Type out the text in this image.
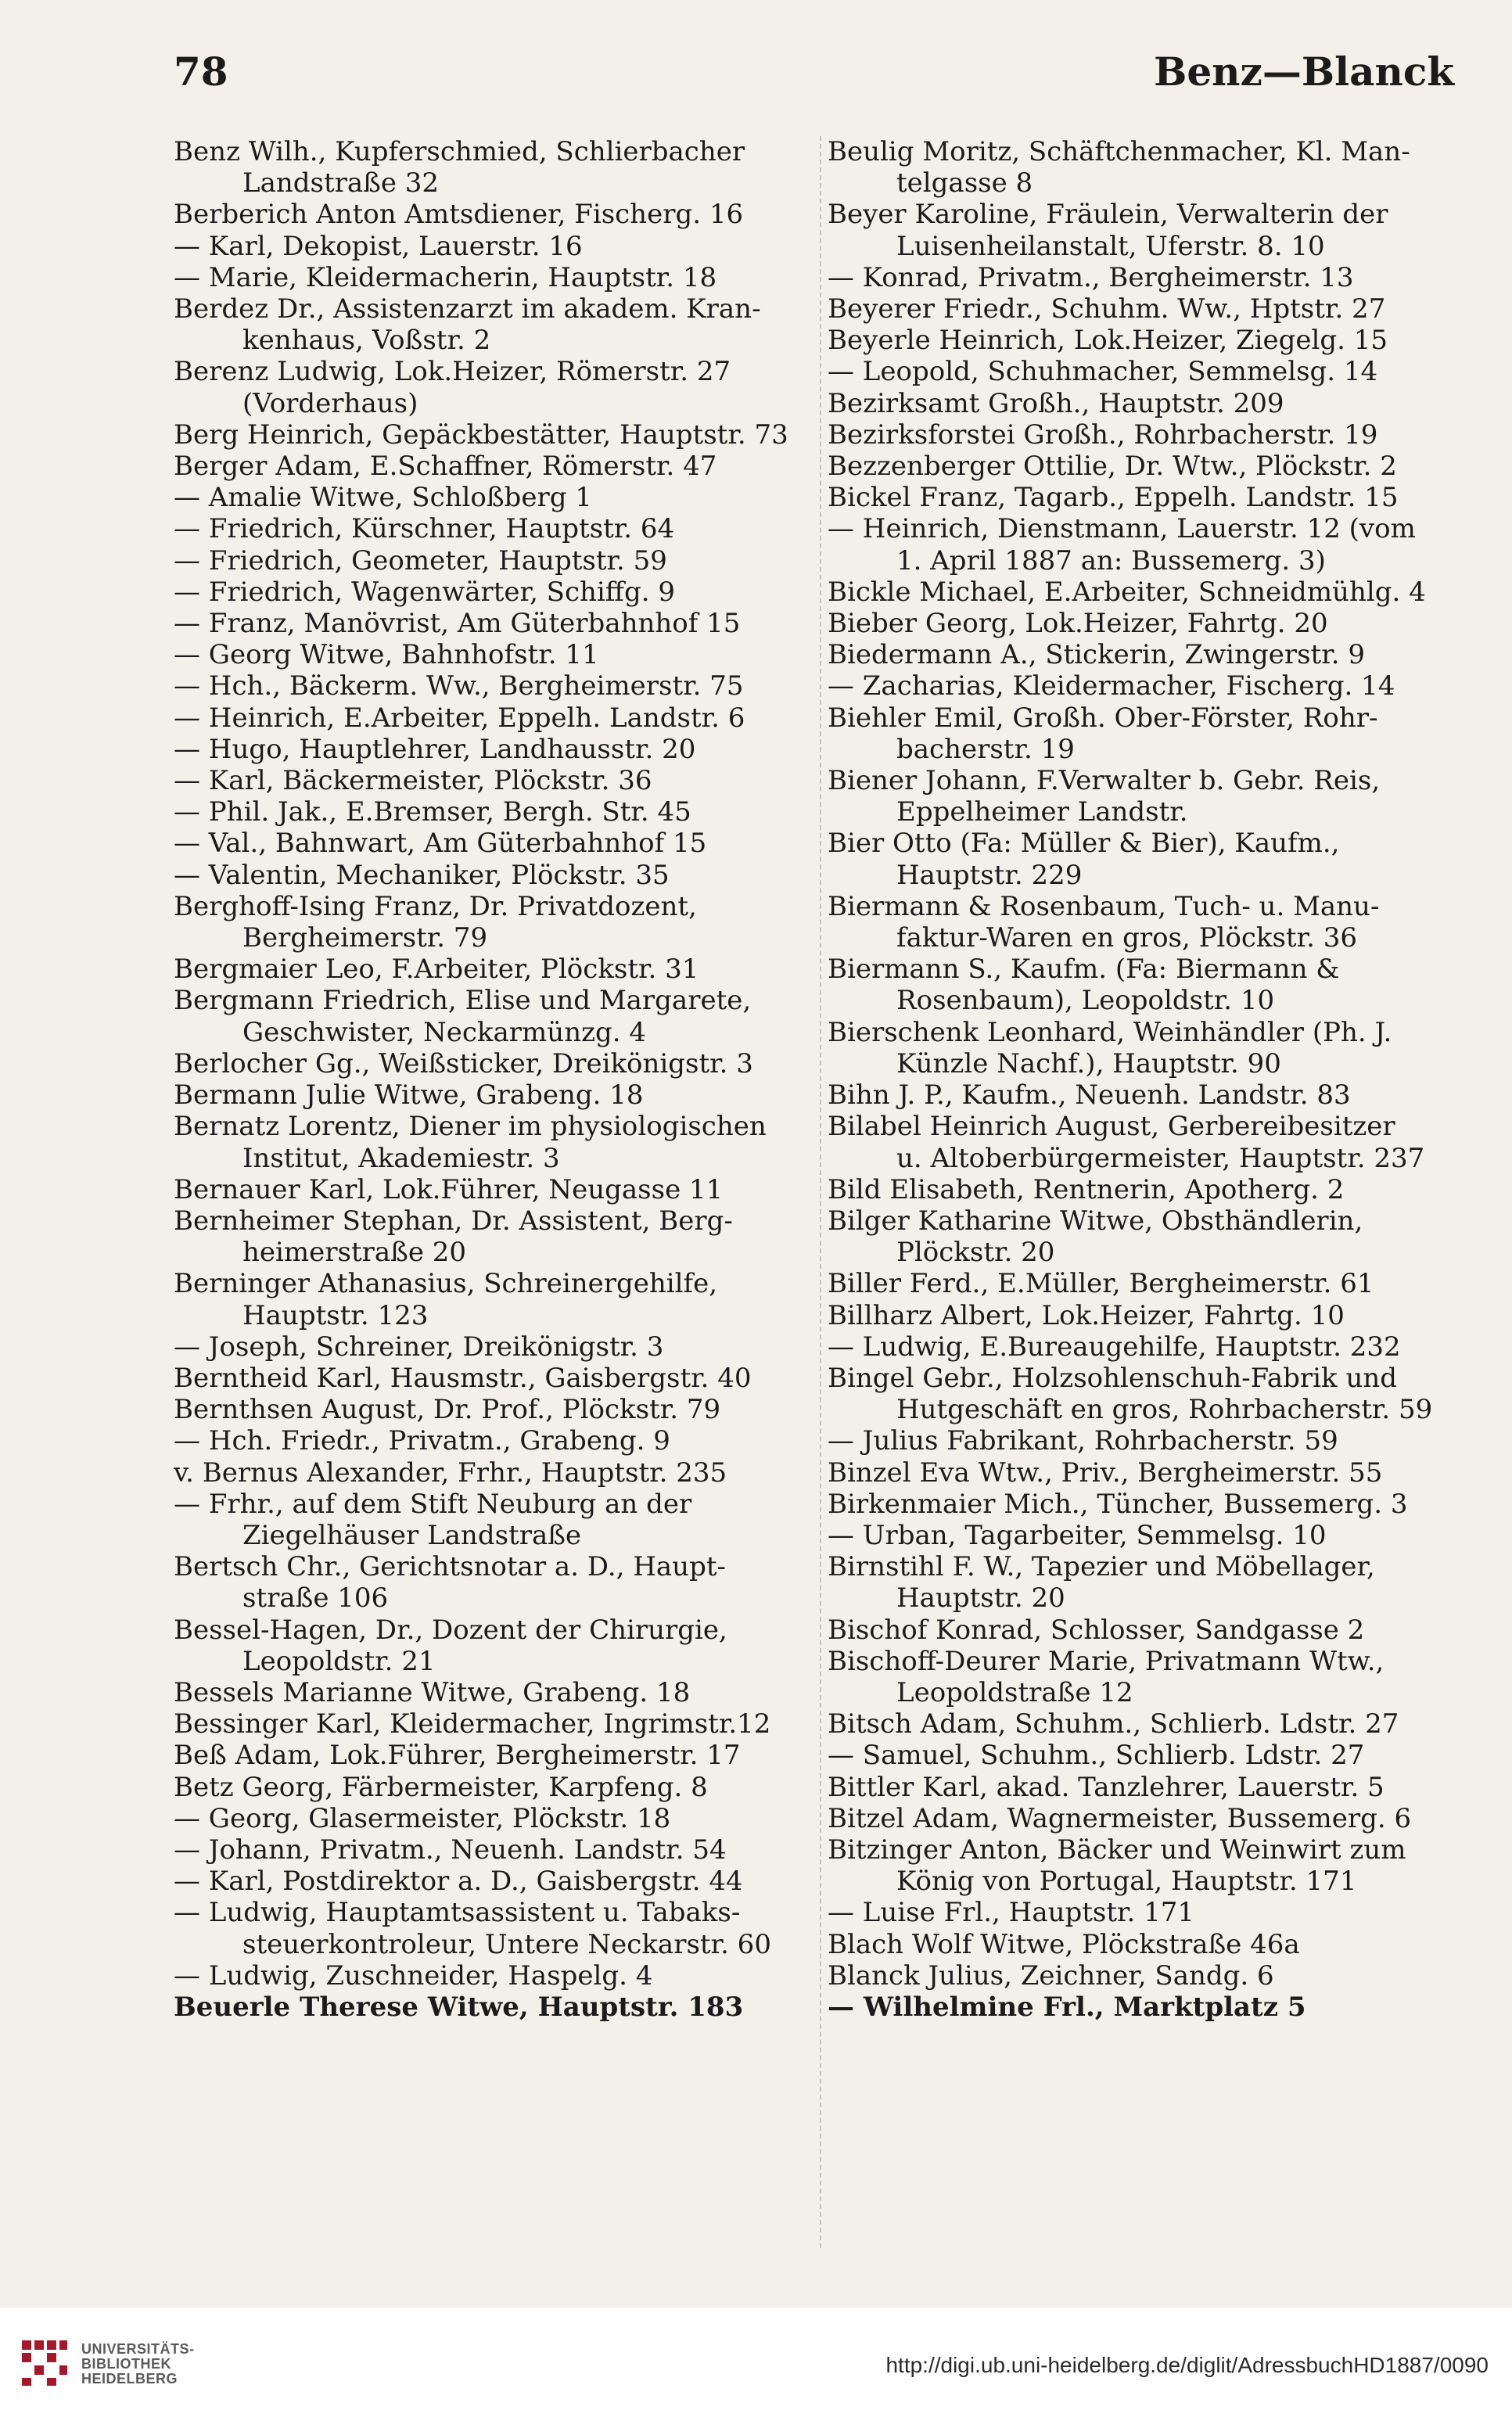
78	Benz—Blanck
Benz Wilh., Kupferschmied, Schlierbacher
Landstraße 32
Berberich Anton Amtsdiener, Fischerg. 16
— Karl, Dekopist, Lauerstr. 16
— Marie, Kleidermacherin, Hauptstr. 18
Berdez Dr., Assistenzarzt im akadem. Kran-
kenhaus, Voßstr. 2
Berenz Ludwig, Lok.Heizer, Römerstr. 27
(Vorderhaus)
Berg Heinrich, Gepäckbestätter, Hauptstr. 73
Berger Adam, E.Schaffner, Römerstr. 47
— Amalie Witwe, Schloßberg 1
— Friedrich, Kürschner, Hauptstr. 64
— Friedrich, Geometer, Hauptstr. 59
— Friedrich, Wagenwärter, Schiffg. 9
— Franz, Manövrist, Am Güterbahnhof 15
— Georg Witwe, Bahnhofstr. 11
— Hch., Bäckerm. Ww., Bergheimerstr. 75
— Heinrich, E.Arbeiter, Eppelh. Landstr. 6
— Hugo, Hauptlehrer, Landhausstr. 20
— Karl, Bäckermeister, Plöckstr. 36
— Phil. Jak., E.Bremser, Bergh. Str. 45
— Val., Bahnwart, Am Güterbahnhof 15
— Valentin, Mechaniker, Plöckstr. 35
Berghoff-Ising Franz, Dr. Privatdozent,
Bergheimerstr. 79
Bergmaier Leo, F.Arbeiter, Plöckstr. 31
Bergmann Friedrich, Elise und Margarete,
Geschwister, Neckarmünzg. 4
Berlocher Gg., Weißsticker, Dreikönigstr. 3
Bermann Julie Witwe, Grabeng. 18
Bernatz Lorentz, Diener im physiologischen
Institut, Akademiestr. 3
Bernauer Karl, Lok.Führer, Neugasse 11
Bernheimer Stephan, Dr. Assistent, Berg-
heimerstraße 20
Berninger Athanasius, Schreinergehilfe,
Hauptstr. 123
— Joseph, Schreiner, Dreikönigstr. 3
Berntheid Karl, Hausmstr., Gaisbergstr. 40
Bernthsen August, Dr. Prof., Plöckstr. 79
— Hch. Friedr., Privatm., Grabeng. 9
v. Bernus Alexander, Frhr., Hauptstr. 235
— Frhr., auf dem Stift Neuburg an der
Ziegelhäuser Landstraße
Bertsch Chr., Gerichtsnotar a. D., Haupt-
straße 106
Bessel-Hagen, Dr., Dozent der Chirurgie,
Leopoldstr. 21
Bessels Marianne Witwe, Grabeng. 18
Bessinger Karl, Kleidermacher, Ingrimstr.12
Beß Adam, Lok.Führer, Bergheimerstr. 17
Betz Georg, Färbermeister, Karpfeng. 8
— Georg, Glasermeister, Plöckstr. 18
— Johann, Privatm., Neuenh. Landstr. 54
— Karl, Postdirektor a. D., Gaisbergstr. 44
— Ludwig, Hauptamtsassistent u. Tabaks-
steuerkontroleur, Untere Neckarstr. 60
— Ludwig, Zuschneider, Haspelg. 4
Beuerle Therese Witwe, Hauptstr. 183
Beulig Moritz, Schäftchenmacher, Kl. Man-
telgasse 8
Beyer Karoline, Fräulein, Verwalterin der
Luisenheilanstalt, Uferstr. 8. 10
— Konrad, Privatm., Bergheimerstr. 13
Beyerer Friedr., Schuhm. Ww., Hptstr. 27
Beyerle Heinrich, Lok.Heizer, Ziegelg. 15
— Leopold, Schuhmacher, Semmelsg. 14
Bezirksamt Großh., Hauptstr. 209
Bezirksforstei Großh., Rohrbacherstr. 19
Bezzenberger Ottilie, Dr. Wtw., Plöckstr. 2
Bickel Franz, Tagarb., Eppelh. Landstr. 15
— Heinrich, Dienstmann, Lauerstr. 12 (vom
1. April 1887 an: Bussemerg. 3)
Bickle Michael, E.Arbeiter, Schneidmühlg. 4
Bieber Georg, Lok.Heizer, Fahrtg. 20
Biedermann A., Stickerin, Zwingerstr. 9
— Zacharias, Kleidermacher, Fischerg. 14
Biehler Emil, Großh. Ober-Förster, Rohr-
bacherstr. 19
Biener Johann, F.Verwalter b. Gebr. Reis,
Eppelheimer Landstr.
Bier Otto (Fa: Müller & Bier), Kaufm.,
Hauptstr. 229
Biermann & Rosenbaum, Tuch- u. Manu-
faktur-Waren en gros, Plöckstr. 36
Biermann S., Kaufm. (Fa: Biermann &
Rosenbaum), Leopoldstr. 10
Bierschenk Leonhard, Weinhändler (Ph. J.
Künzle Nachf.), Hauptstr. 90
Bihn J. P., Kaufm., Neuenh. Landstr. 83
Bilabel Heinrich August, Gerbereibesitzer
u. Altoberbürgermeister, Hauptstr. 237
Bild Elisabeth, Rentnerin, Apotherg. 2
Bilger Katharine Witwe, Obsthändlerin,
Plöckstr. 20
Biller Ferd., E.Müller, Bergheimerstr. 61
Billharz Albert, Lok.Heizer, Fahrtg. 10
— Ludwig, E.Bureaugehilfe, Hauptstr. 232
Bingel Gebr., Holzsohlenschuh-Fabrik und
Hutgeschäft en gros, Rohrbacherstr. 59
— Julius Fabrikant, Rohrbacherstr. 59
Binzel Eva Wtw., Priv., Bergheimerstr. 55
Birkenmaier Mich., Tüncher, Bussemerg. 3
— Urban, Tagarbeiter, Semmelsg. 10
Birnstihl F. W., Tapezier und Möbellager,
Hauptstr. 20
Bischof Konrad, Schlosser, Sandgasse 2
Bischoff-Deurer Marie, Privatmann Wtw.,
Leopoldstraße 12
Bitsch Adam, Schuhm., Schlierb. Ldstr. 27
— Samuel, Schuhm., Schlierb. Ldstr. 27
Bittler Karl, akad. Tanzlehrer, Lauerstr. 5
Bitzel Adam, Wagnermeister, Bussemerg. 6
Bitzinger Anton, Bäcker und Weinwirt zum
König von Portugal, Hauptstr. 171
— Luise Frl., Hauptstr. 171
Blach Wolf Witwe, Plöckstraße 46a
Blanck Julius, Zeichner, Sandg. 6
— Wilhelmine Frl., Marktplatz 5
UNIVERSITÄTS-
BIBLIOTHEK
HEIDELBERG
http://digi.ub.uni-heidelberg.de/diglit/AdressbuchHD1887/0090
